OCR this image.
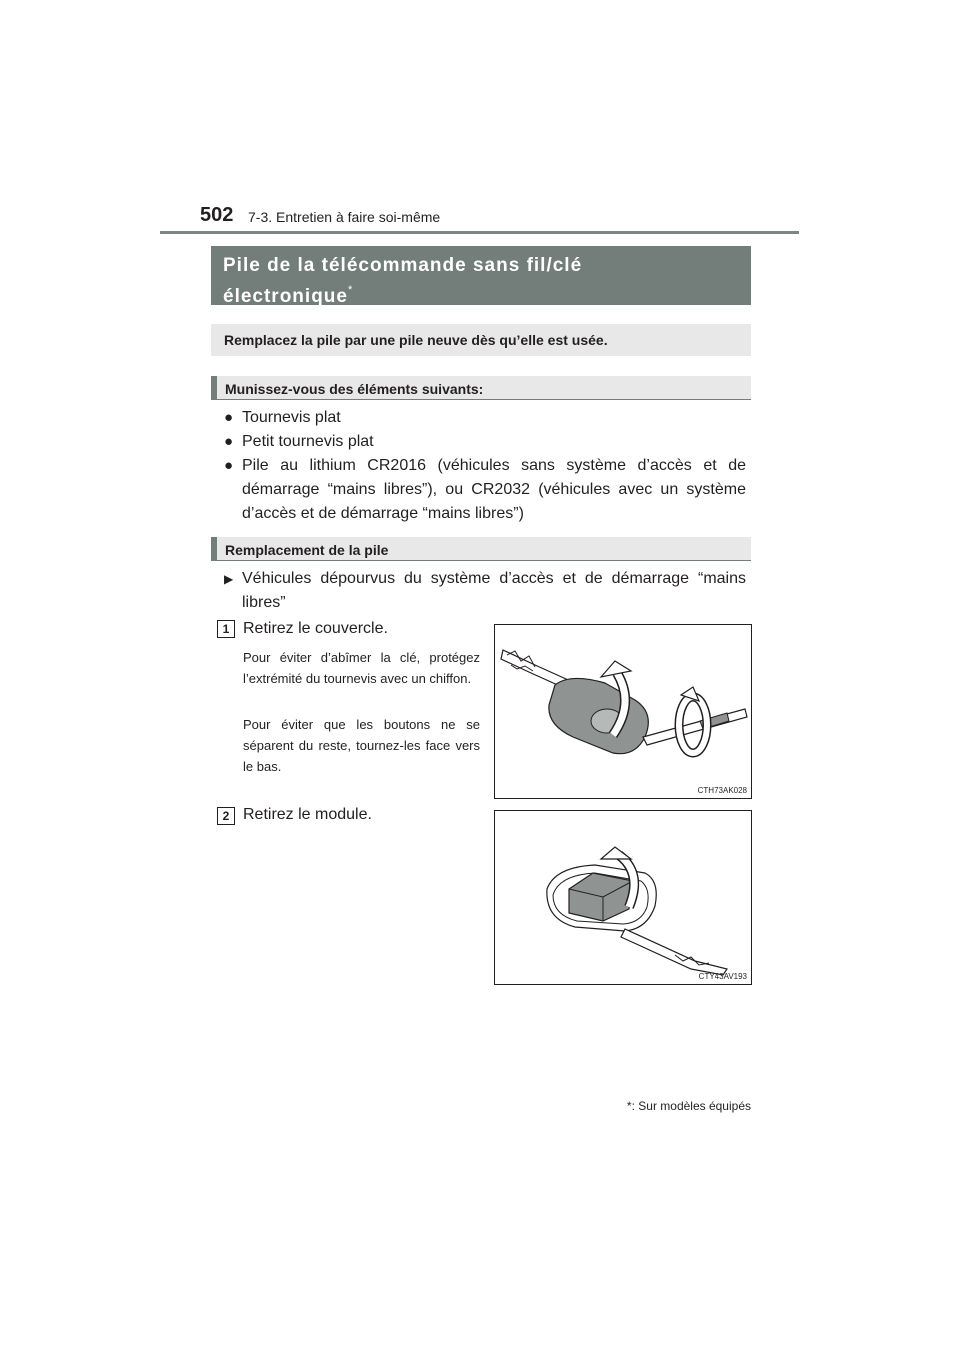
502 7-3. Entretien à faire soi-même
Pile de la télécommande sans fil/clé
électronique*
Remplacez la pile par une pile neuve dès qu’elle est usée.
Munissez-vous des éléments suivants:
● Tournevis plat
● Petit tournevis plat
● Pile au lithium CR2016 (véhicules sans système d’accès et de démarrage “mains libres”), ou CR2032 (véhicules avec un système d’accès et de démarrage “mains libres”)
Remplacement de la pile
▶ Véhicules dépourvus du système d’accès et de démarrage “mains libres”
1 Retirez le couvercle.
Pour éviter d’abîmer la clé, protégez l’extrémité du tournevis avec un chiffon.
Pour éviter que les boutons ne se séparent du reste, tournez-les face vers le bas.
CTH73AK028
2 Retirez le module.
CTY43AV193
*: Sur modèles équipés
